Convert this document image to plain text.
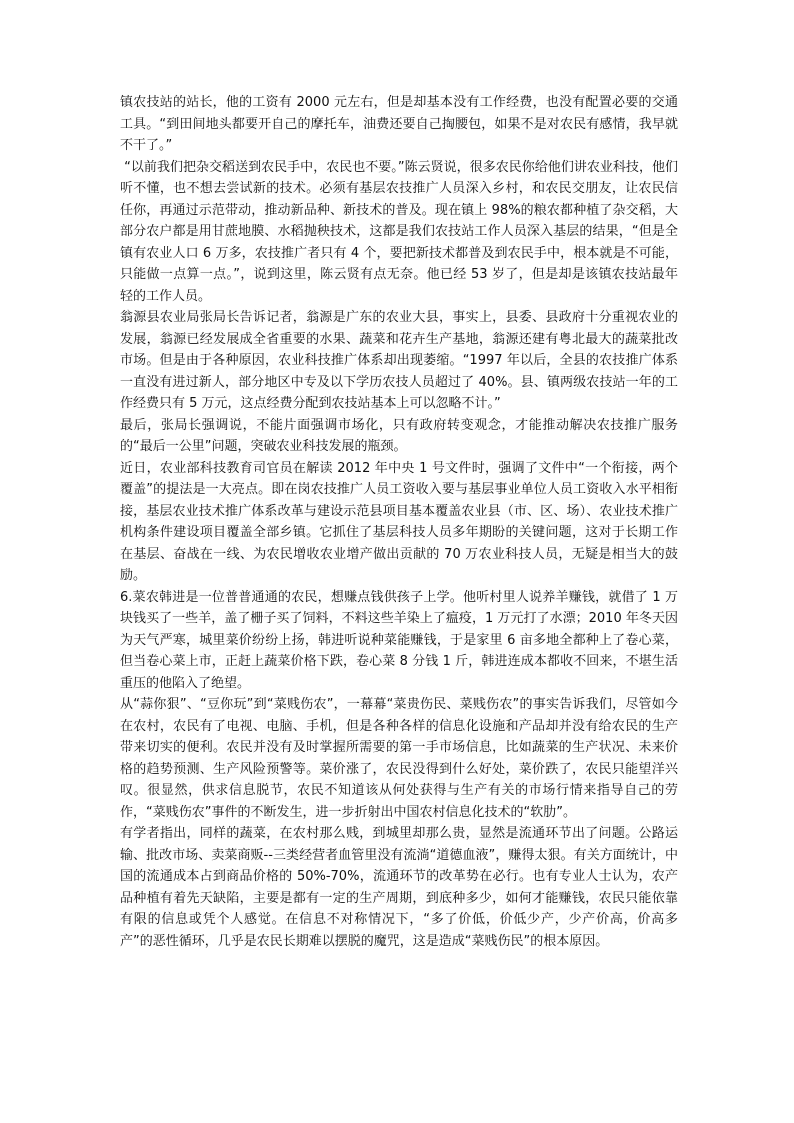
镇农技站的站长，他的工资有 2000 元左右，但是却基本没有工作经费，也没有配置必要的交通工具。“到田间地头都要开自己的摩托车，油费还要自己掏腰包，如果不是对农民有感情，我早就不干了。”

“以前我们把杂交稻送到农民手中，农民也不要。”陈云贤说，很多农民你给他们讲农业科技，他们听不懂，也不想去尝试新的技术。必须有基层农技推广人员深入乡村，和农民交朋友，让农民信任你，再通过示范带动，推动新品种、新技术的普及。现在镇上 98%的粮农都种植了杂交稻，大部分农户都是用甘蔗地膜、水稻抛秧技术，这都是我们农技站工作人员深入基层的结果，“但是全镇有农业人口 6 万多，农技推广者只有 4 个，要把新技术都普及到农民手中，根本就是不可能，只能做一点算一点。”，说到这里，陈云贤有点无奈。他已经 53 岁了，但是却是该镇农技站最年轻的工作人员。

翁源县农业局张局长告诉记者，翁源是广东的农业大县，事实上，县委、县政府十分重视农业的发展，翁源已经发展成全省重要的水果、蔬菜和花卉生产基地，翁源还建有粤北最大的蔬菜批改市场。但是由于各种原因，农业科技推广体系却出现萎缩。“1997 年以后，全县的农技推广体系一直没有进过新人，部分地区中专及以下学历农技人员超过了 40%。县、镇两级农技站一年的工作经费只有 5 万元，这点经费分配到农技站基本上可以忽略不计。”

最后，张局长强调说，不能片面强调市场化，只有政府转变观念，才能推动解决农技推广服务的“最后一公里”问题，突破农业科技发展的瓶颈。

近日，农业部科技教育司官员在解读 2012 年中央 1 号文件时，强调了文件中“一个衔接，两个覆盖”的提法是一大亮点。即在岗农技推广人员工资收入要与基层事业单位人员工资收入水平相衔接，基层农业技术推广体系改革与建设示范县项目基本覆盖农业县（市、区、场）、农业技术推广机构条件建设项目覆盖全部乡镇。它抓住了基层科技人员多年期盼的关键问题，这对于长期工作在基层、奋战在一线、为农民增收农业增产做出贡献的 70 万农业科技人员，无疑是相当大的鼓励。

6.菜农韩进是一位普普通通的农民，想赚点钱供孩子上学。他听村里人说养羊赚钱，就借了 1 万块钱买了一些羊，盖了栅子买了饲料，不料这些羊染上了瘟疫，1 万元打了水漂；2010 年冬天因为天气严寒，城里菜价纷纷上扬，韩进听说种菜能赚钱，于是家里 6 亩多地全都种上了卷心菜，但当卷心菜上市，正赶上蔬菜价格下跌，卷心菜 8 分钱 1 斤，韩进连成本都收不回来，不堪生活重压的他陷入了绝望。

从“蒜你狠”、“豆你玩”到“菜贱伤农”，一幕幕“菜贵伤民、菜贱伤农”的事实告诉我们，尽管如今在农村，农民有了电视、电脑、手机，但是各种各样的信息化设施和产品却并没有给农民的生产带来切实的便利。农民并没有及时掌握所需要的第一手市场信息，比如蔬菜的生产状况、未来价格的趋势预测、生产风险预警等。菜价涨了，农民没得到什么好处，菜价跌了，农民只能望洋兴叹。很显然，供求信息脱节，农民不知道该从何处获得与生产有关的市场行情来指导自己的劳作，“菜贱伤农”事件的不断发生，进一步折射出中国农村信息化技术的“软肋”。

有学者指出，同样的蔬菜，在农村那么贱，到城里却那么贵，显然是流通环节出了问题。公路运输、批改市场、卖菜商贩--三类经营者血管里没有流淌“道德血液”，赚得太狠。有关方面统计，中国的流通成本占到商品价格的 50%-70%，流通环节的改革势在必行。也有专业人士认为，农产品种植有着先天缺陷，主要是都有一定的生产周期，到底种多少，如何才能赚钱，农民只能依靠有限的信息或凭个人感觉。在信息不对称情况下，“多了价低，价低少产，少产价高，价高多产”的恶性循环，几乎是农民长期难以摆脱的魔咒，这是造成“菜贱伤民”的根本原因。
